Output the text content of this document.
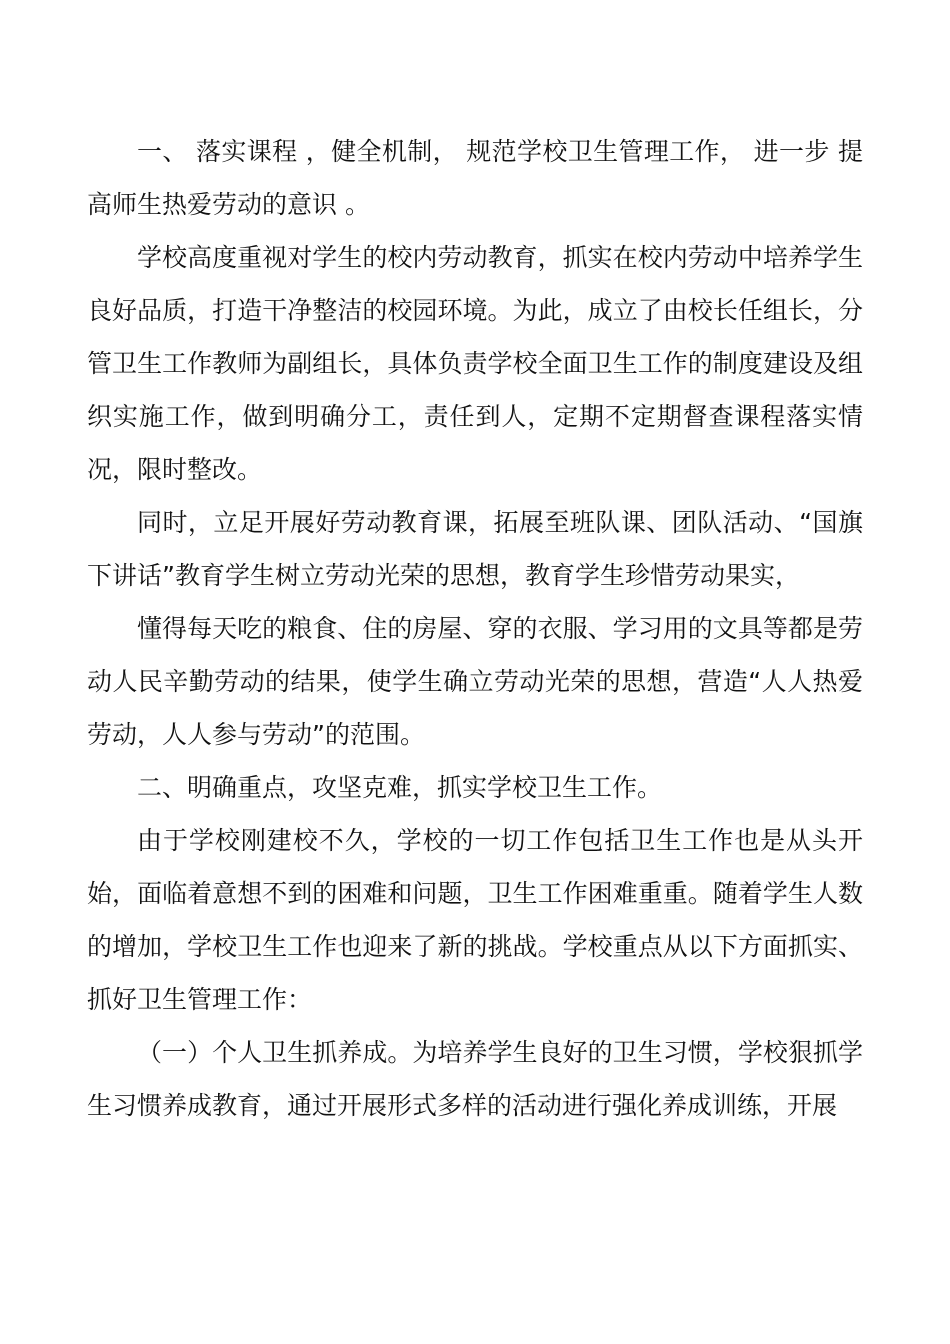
一、 落实课程 ，健全机制， 规范学校卫生管理工作， 进一步 提高师生热爱劳动的意识 。

学校高度重视对学生的校内劳动教育，抓实在校内劳动中培养学生良好品质，打造干净整洁的校园环境。为此，成立了由校长任组长，分管卫生工作教师为副组长，具体负责学校全面卫生工作的制度建设及组织实施工作，做到明确分工，责任到人，定期不定期督查课程落实情况，限时整改。

同时，立足开展好劳动教育课，拓展至班队课、团队活动、“国旗下讲话”教育学生树立劳动光荣的思想，教育学生珍惜劳动果实，

懂得每天吃的粮食、住的房屋、穿的衣服、学习用的文具等都是劳动人民辛勤劳动的结果，使学生确立劳动光荣的思想，营造“人人热爱劳动，人人参与劳动”的范围。

二、明确重点，攻坚克难，抓实学校卫生工作。

由于学校刚建校不久，学校的一切工作包括卫生工作也是从头开始，面临着意想不到的困难和问题，卫生工作困难重重。随着学生人数的增加，学校卫生工作也迎来了新的挑战。学校重点从以下方面抓实、抓好卫生管理工作：

（一）个人卫生抓养成。为培养学生良好的卫生习惯，学校狠抓学生习惯养成教育，通过开展形式多样的活动进行强化养成训练，开展
